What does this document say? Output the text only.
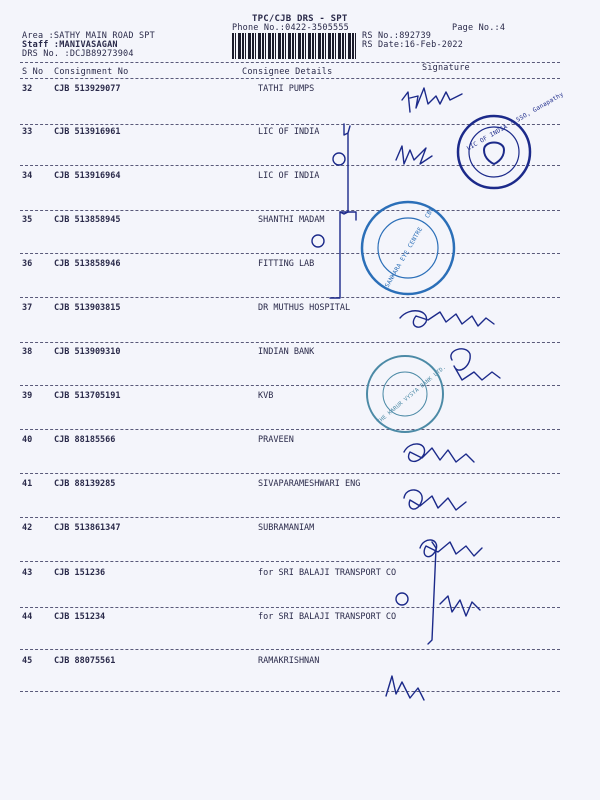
TPC/CJB DRS - SPT
Phone No.:0422-3505555
Area :SATHY MAIN ROAD SPT
Staff :MANIVASAGAN
DRS No. :DCJB89273904
RS No.:892739
RS Date:16-Feb-2022
Page No.:4
S No Consignment No	Consignee Details	Signature
32	CJB 513929077	TATHI PUMPS
33	CJB 513916961	LIC OF INDIA
34	CJB 513916964	LIC OF INDIA
35	CJB 513858945	SHANTHI MADAM
36	CJB 513858946	FITTING LAB
37	CJB 513903815	DR MUTHUS HOSPITAL
38	CJB 513909310	INDIAN BANK
39	CJB 513705191	KVB
40	CJB 88185566	PRAVEEN
41	CJB 88139285	SIVAPARAMESHWARI ENG
42	CJB 513861347	SUBRAMANIAM
43	CJB 151236	for SRI BALAJI TRANSPORT CO
44	CJB 151234	for SRI BALAJI TRANSPORT CO
45	CJB 88075561	RAMAKRISHNAN
LIC OF INDIA · SSO, Ganapathy
SANKARA EYE CENTRE · CBE
THE KARUR VYSYA BANK LTD.
